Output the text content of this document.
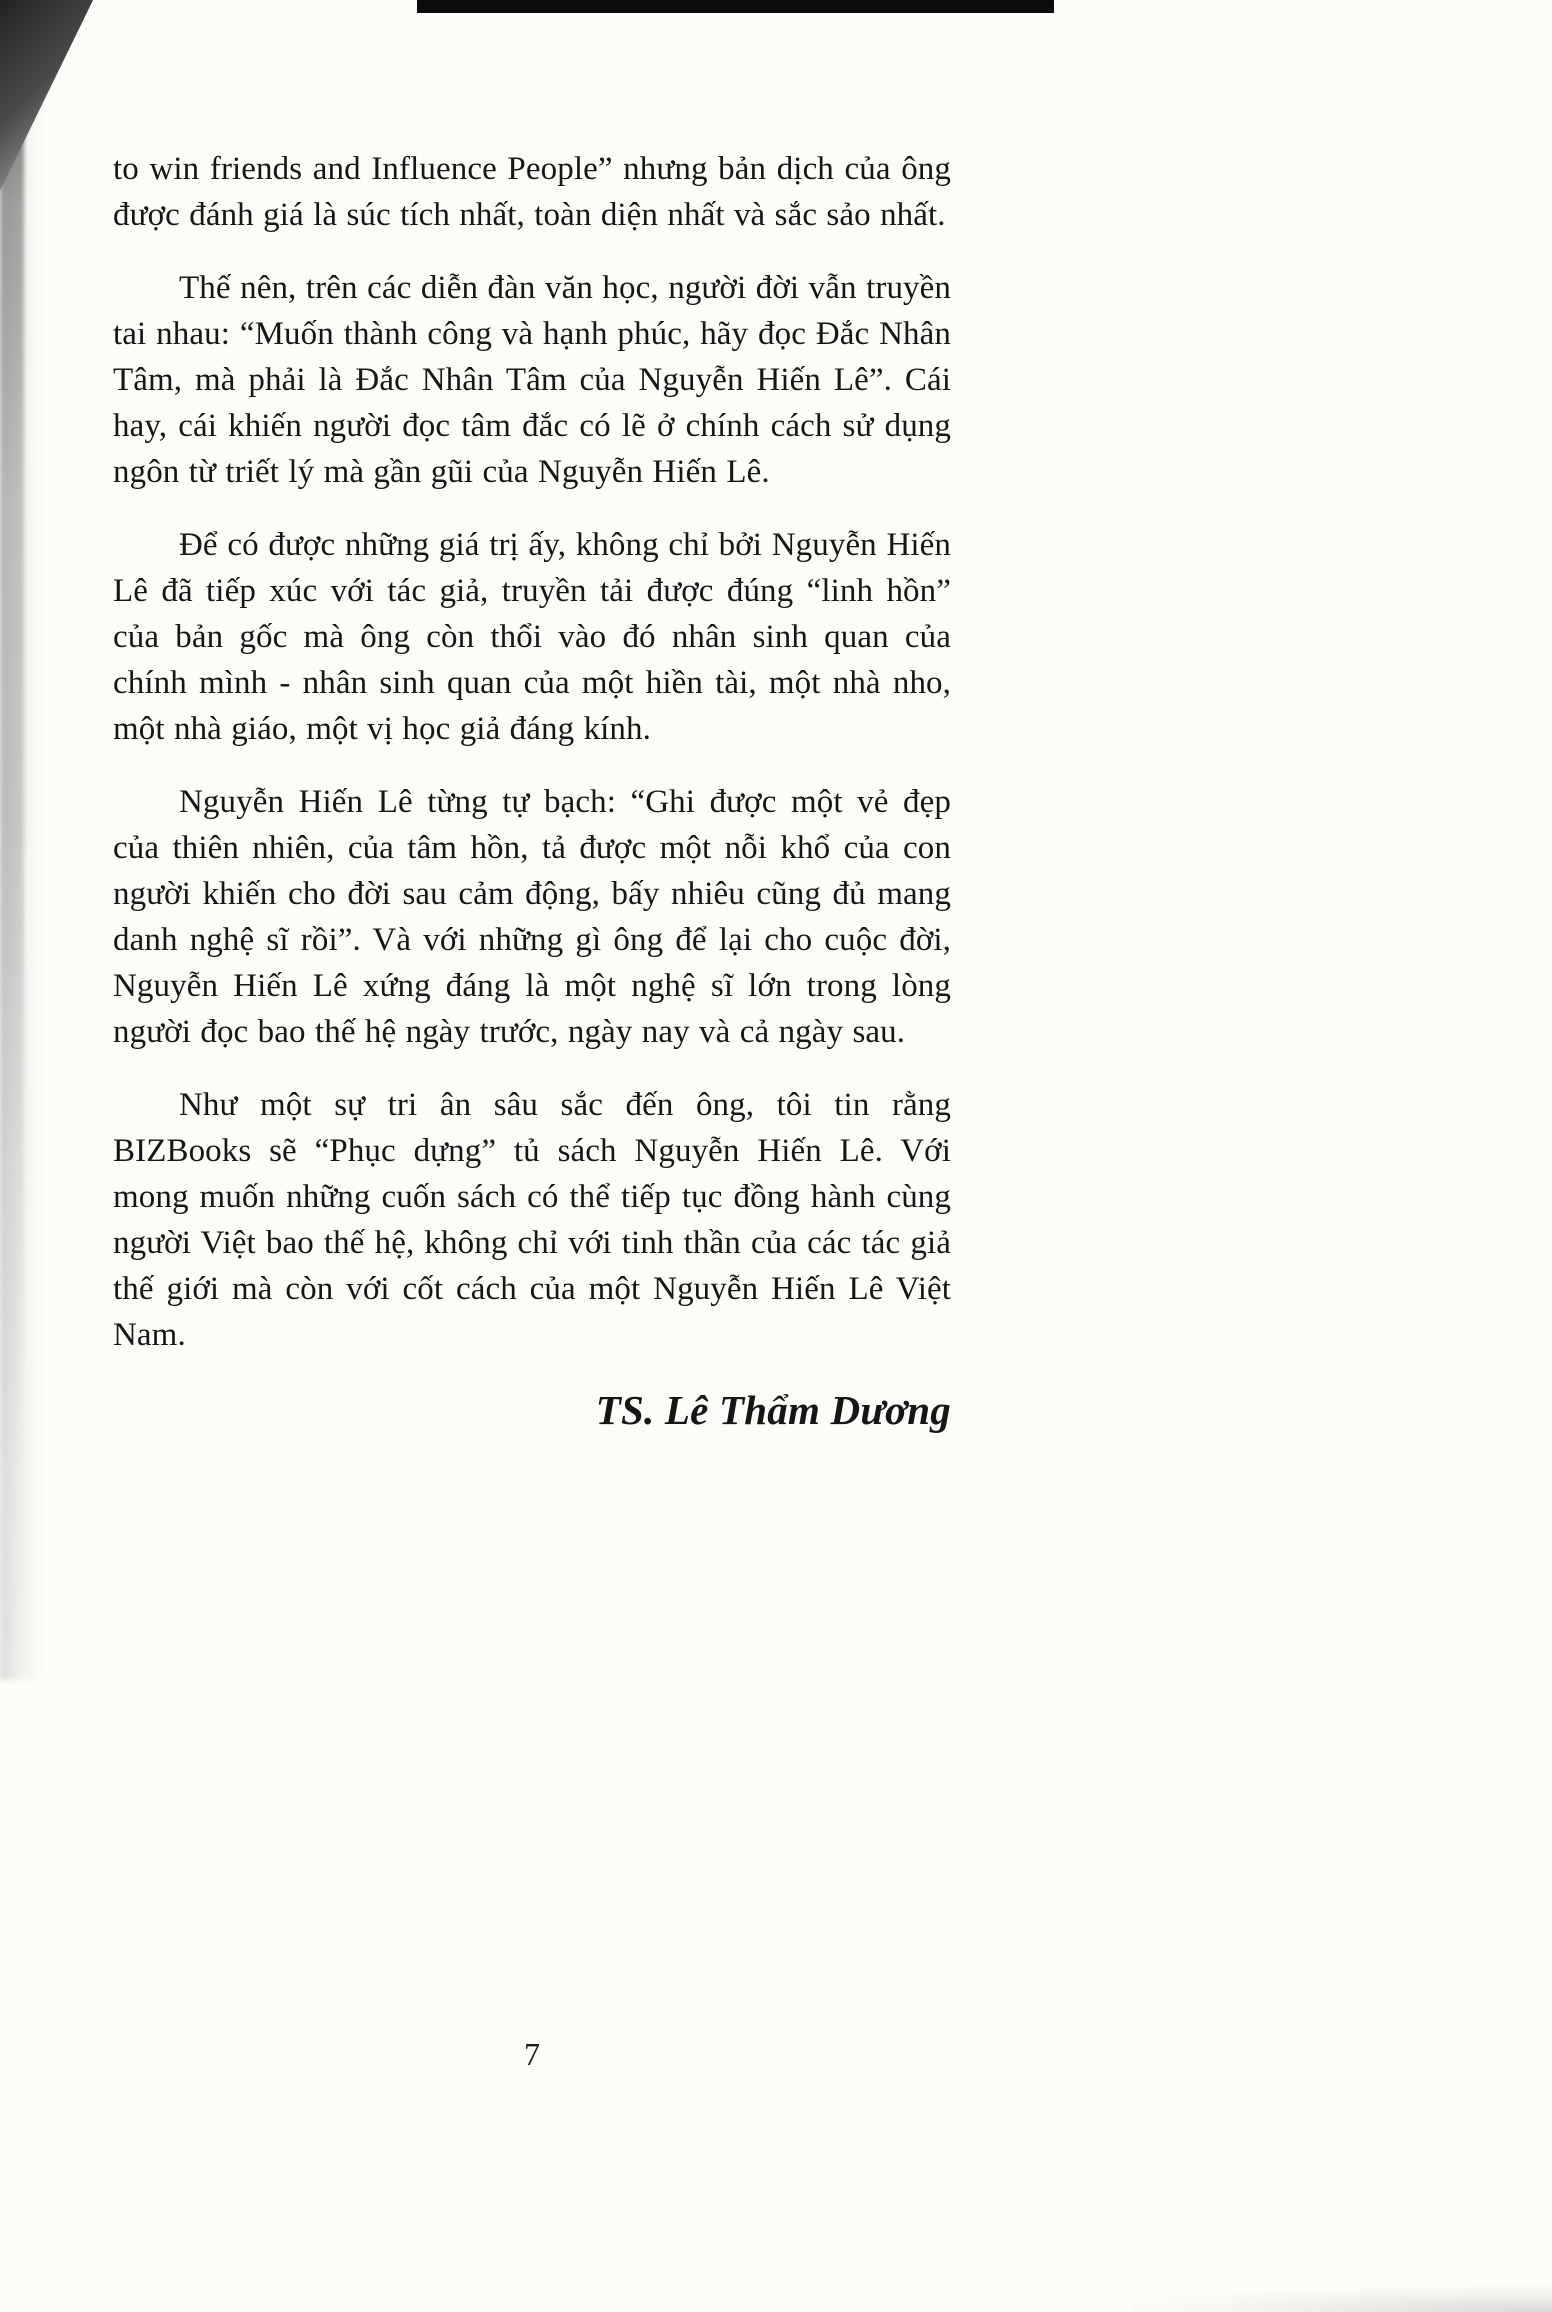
to win friends and Influence People” nhưng bản dịch của ông được đánh giá là súc tích nhất, toàn diện nhất và sắc sảo nhất.

Thế nên, trên các diễn đàn văn học, người đời vẫn truyền tai nhau: “Muốn thành công và hạnh phúc, hãy đọc Đắc Nhân Tâm, mà phải là Đắc Nhân Tâm của Nguyễn Hiến Lê”. Cái hay, cái khiến người đọc tâm đắc có lẽ ở chính cách sử dụng ngôn từ triết lý mà gần gũi của Nguyễn Hiến Lê.

Để có được những giá trị ấy, không chỉ bởi Nguyễn Hiến Lê đã tiếp xúc với tác giả, truyền tải được đúng “linh hồn” của bản gốc mà ông còn thổi vào đó nhân sinh quan của chính mình - nhân sinh quan của một hiền tài, một nhà nho, một nhà giáo, một vị học giả đáng kính.

Nguyễn Hiến Lê từng tự bạch: “Ghi được một vẻ đẹp của thiên nhiên, của tâm hồn, tả được một nỗi khổ của con người khiến cho đời sau cảm động, bấy nhiêu cũng đủ mang danh nghệ sĩ rồi”. Và với những gì ông để lại cho cuộc đời, Nguyễn Hiến Lê xứng đáng là một nghệ sĩ lớn trong lòng người đọc bao thế hệ ngày trước, ngày nay và cả ngày sau.

Như một sự tri ân sâu sắc đến ông, tôi tin rằng BIZBooks sẽ “Phục dựng” tủ sách Nguyễn Hiến Lê. Với mong muốn những cuốn sách có thể tiếp tục đồng hành cùng người Việt bao thế hệ, không chỉ với tinh thần của các tác giả thế giới mà còn với cốt cách của một Nguyễn Hiến Lê Việt Nam.

TS. Lê Thẩm Dương

7
